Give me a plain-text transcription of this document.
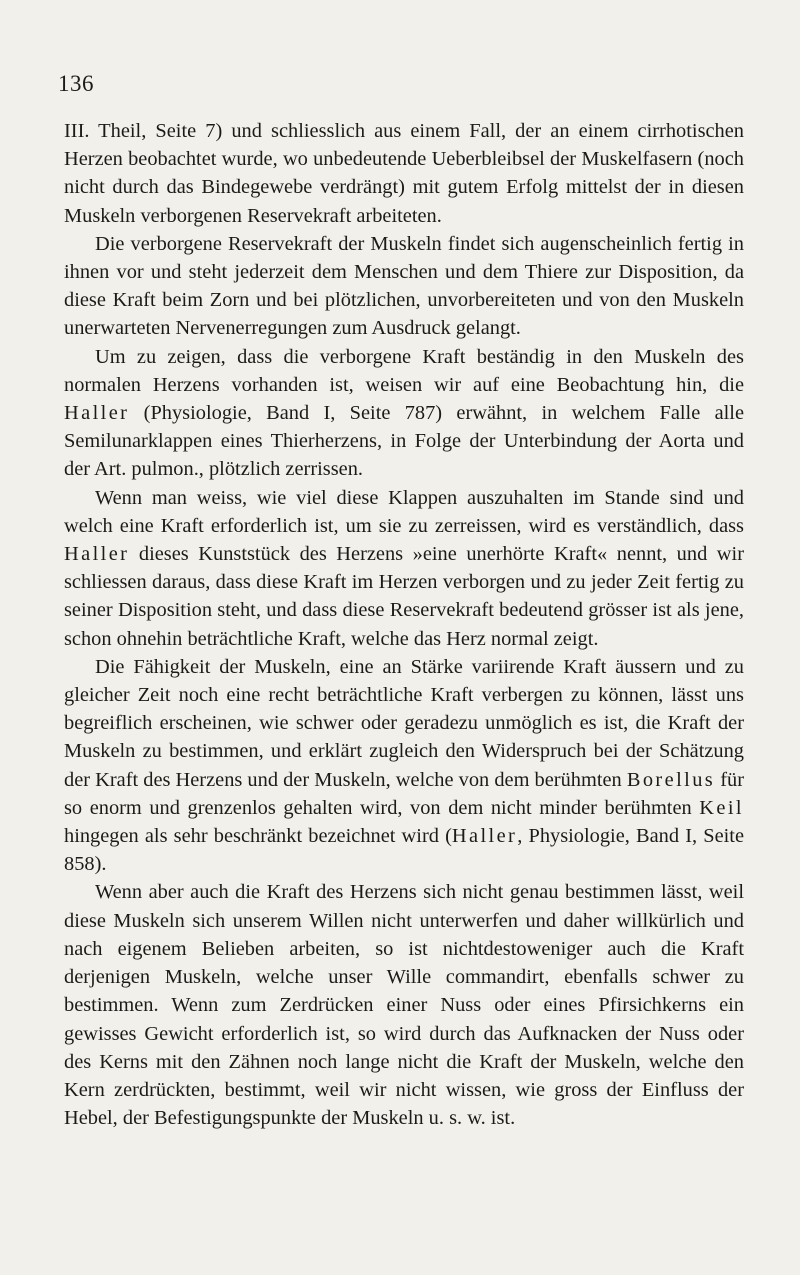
136

III. Theil, Seite 7) und schliesslich aus einem Fall, der an einem cirrhotischen Herzen beobachtet wurde, wo unbedeutende Ueberbleibsel der Muskelfasern (noch nicht durch das Bindegewebe verdrängt) mit gutem Erfolg mittelst der in diesen Muskeln verborgenen Reservekraft arbeiteten.

Die verborgene Reservekraft der Muskeln findet sich augenscheinlich fertig in ihnen vor und steht jederzeit dem Menschen und dem Thiere zur Disposition, da diese Kraft beim Zorn und bei plötzlichen, unvorbereiteten und von den Muskeln unerwarteten Nervenerregungen zum Ausdruck gelangt.

Um zu zeigen, dass die verborgene Kraft beständig in den Muskeln des normalen Herzens vorhanden ist, weisen wir auf eine Beobachtung hin, die Haller (Physiologie, Band I, Seite 787) erwähnt, in welchem Falle alle Semilunarklappen eines Thierherzens, in Folge der Unterbindung der Aorta und der Art. pulmon., plötzlich zerrissen.

Wenn man weiss, wie viel diese Klappen auszuhalten im Stande sind und welch eine Kraft erforderlich ist, um sie zu zerreissen, wird es verständlich, dass Haller dieses Kunststück des Herzens »eine unerhörte Kraft« nennt, und wir schliessen daraus, dass diese Kraft im Herzen verborgen und zu jeder Zeit fertig zu seiner Disposition steht, und dass diese Reservekraft bedeutend grösser ist als jene, schon ohnehin beträchtliche Kraft, welche das Herz normal zeigt.

Die Fähigkeit der Muskeln, eine an Stärke variirende Kraft äussern und zu gleicher Zeit noch eine recht beträchtliche Kraft verbergen zu können, lässt uns begreiflich erscheinen, wie schwer oder geradezu unmöglich es ist, die Kraft der Muskeln zu bestimmen, und erklärt zugleich den Widerspruch bei der Schätzung der Kraft des Herzens und der Muskeln, welche von dem berühmten Borellus für so enorm und grenzenlos gehalten wird, von dem nicht minder berühmten Keil hingegen als sehr beschränkt bezeichnet wird (Haller, Physiologie, Band I, Seite 858).

Wenn aber auch die Kraft des Herzens sich nicht genau bestimmen lässt, weil diese Muskeln sich unserem Willen nicht unterwerfen und daher willkürlich und nach eigenem Belieben arbeiten, so ist nichtdestoweniger auch die Kraft derjenigen Muskeln, welche unser Wille commandirt, ebenfalls schwer zu bestimmen. Wenn zum Zerdrücken einer Nuss oder eines Pfirsichkerns ein gewisses Gewicht erforderlich ist, so wird durch das Aufknacken der Nuss oder des Kerns mit den Zähnen noch lange nicht die Kraft der Muskeln, welche den Kern zerdrückten, bestimmt, weil wir nicht wissen, wie gross der Einfluss der Hebel, der Befestigungspunkte der Muskeln u. s. w. ist.
